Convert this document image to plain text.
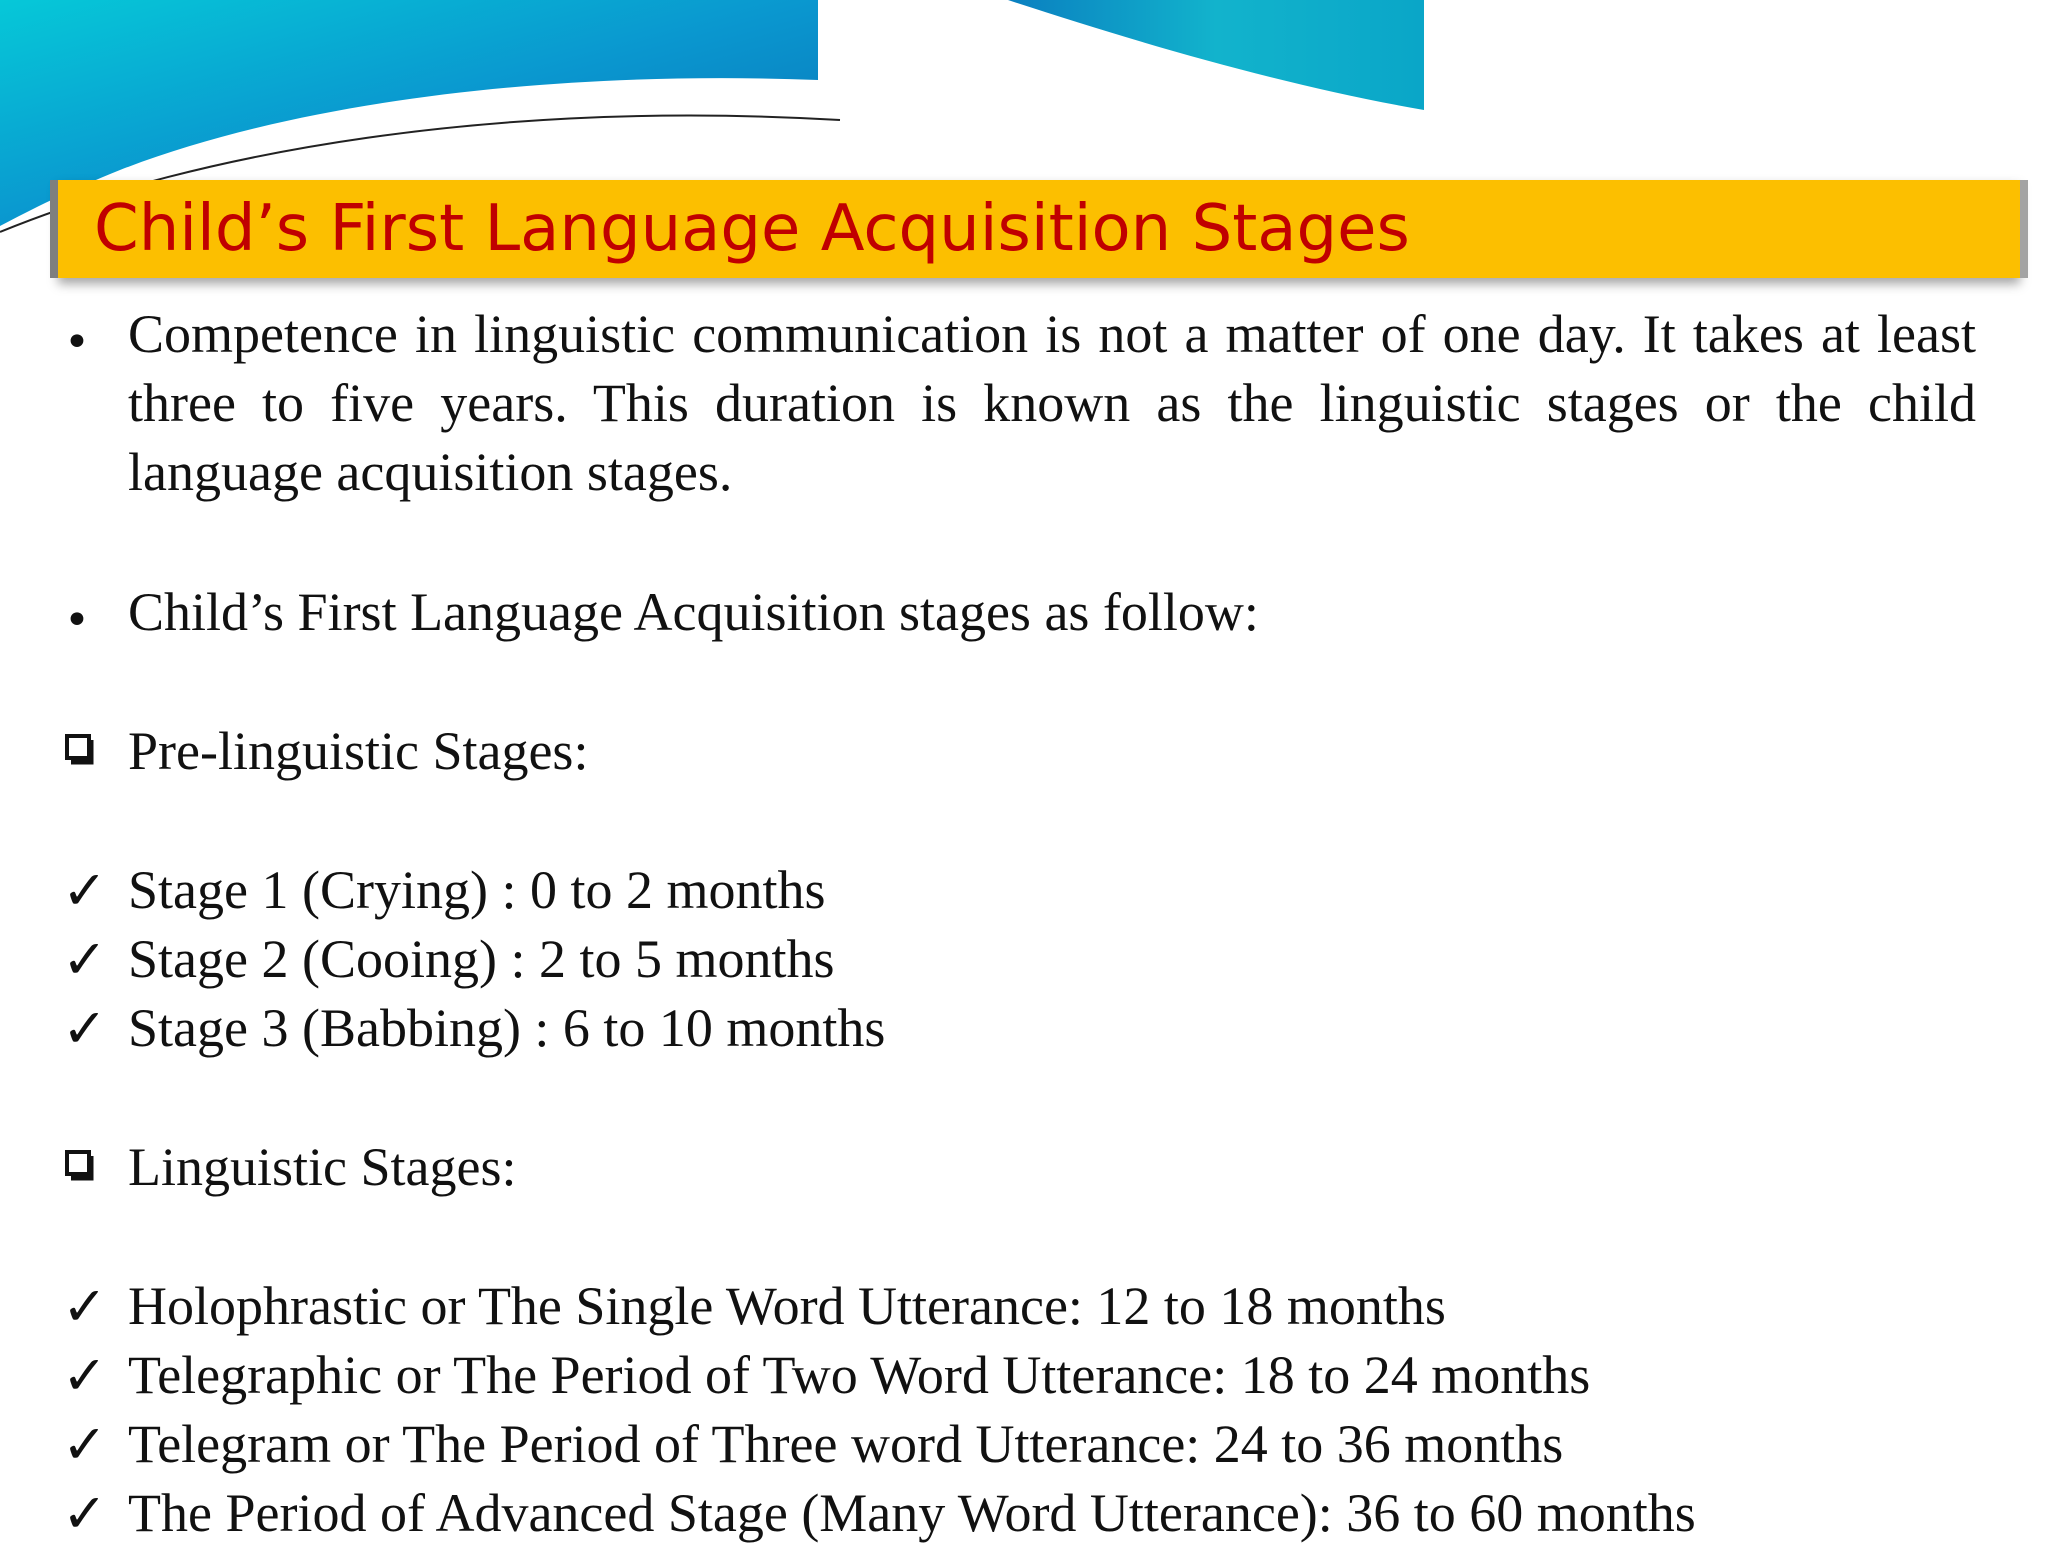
Child’s First Language Acquisition Stages
• Competence in linguistic communication is not a matter of one day. It takes at least three to five years. This duration is known as the linguistic stages or the child language acquisition stages.
• Child’s First Language Acquisition stages as follow:
Pre-linguistic Stages:
✓ Stage 1 (Crying) : 0 to 2 months
✓ Stage 2 (Cooing) : 2 to 5 months
✓ Stage 3 (Babbing) : 6 to 10 months
Linguistic Stages:
✓ Holophrastic or The Single Word Utterance: 12 to 18 months
✓ Telegraphic or The Period of Two Word Utterance: 18 to 24 months
✓ Telegram or The Period of Three word Utterance: 24 to 36 months
✓ The Period of Advanced Stage (Many Word Utterance): 36 to 60 months
